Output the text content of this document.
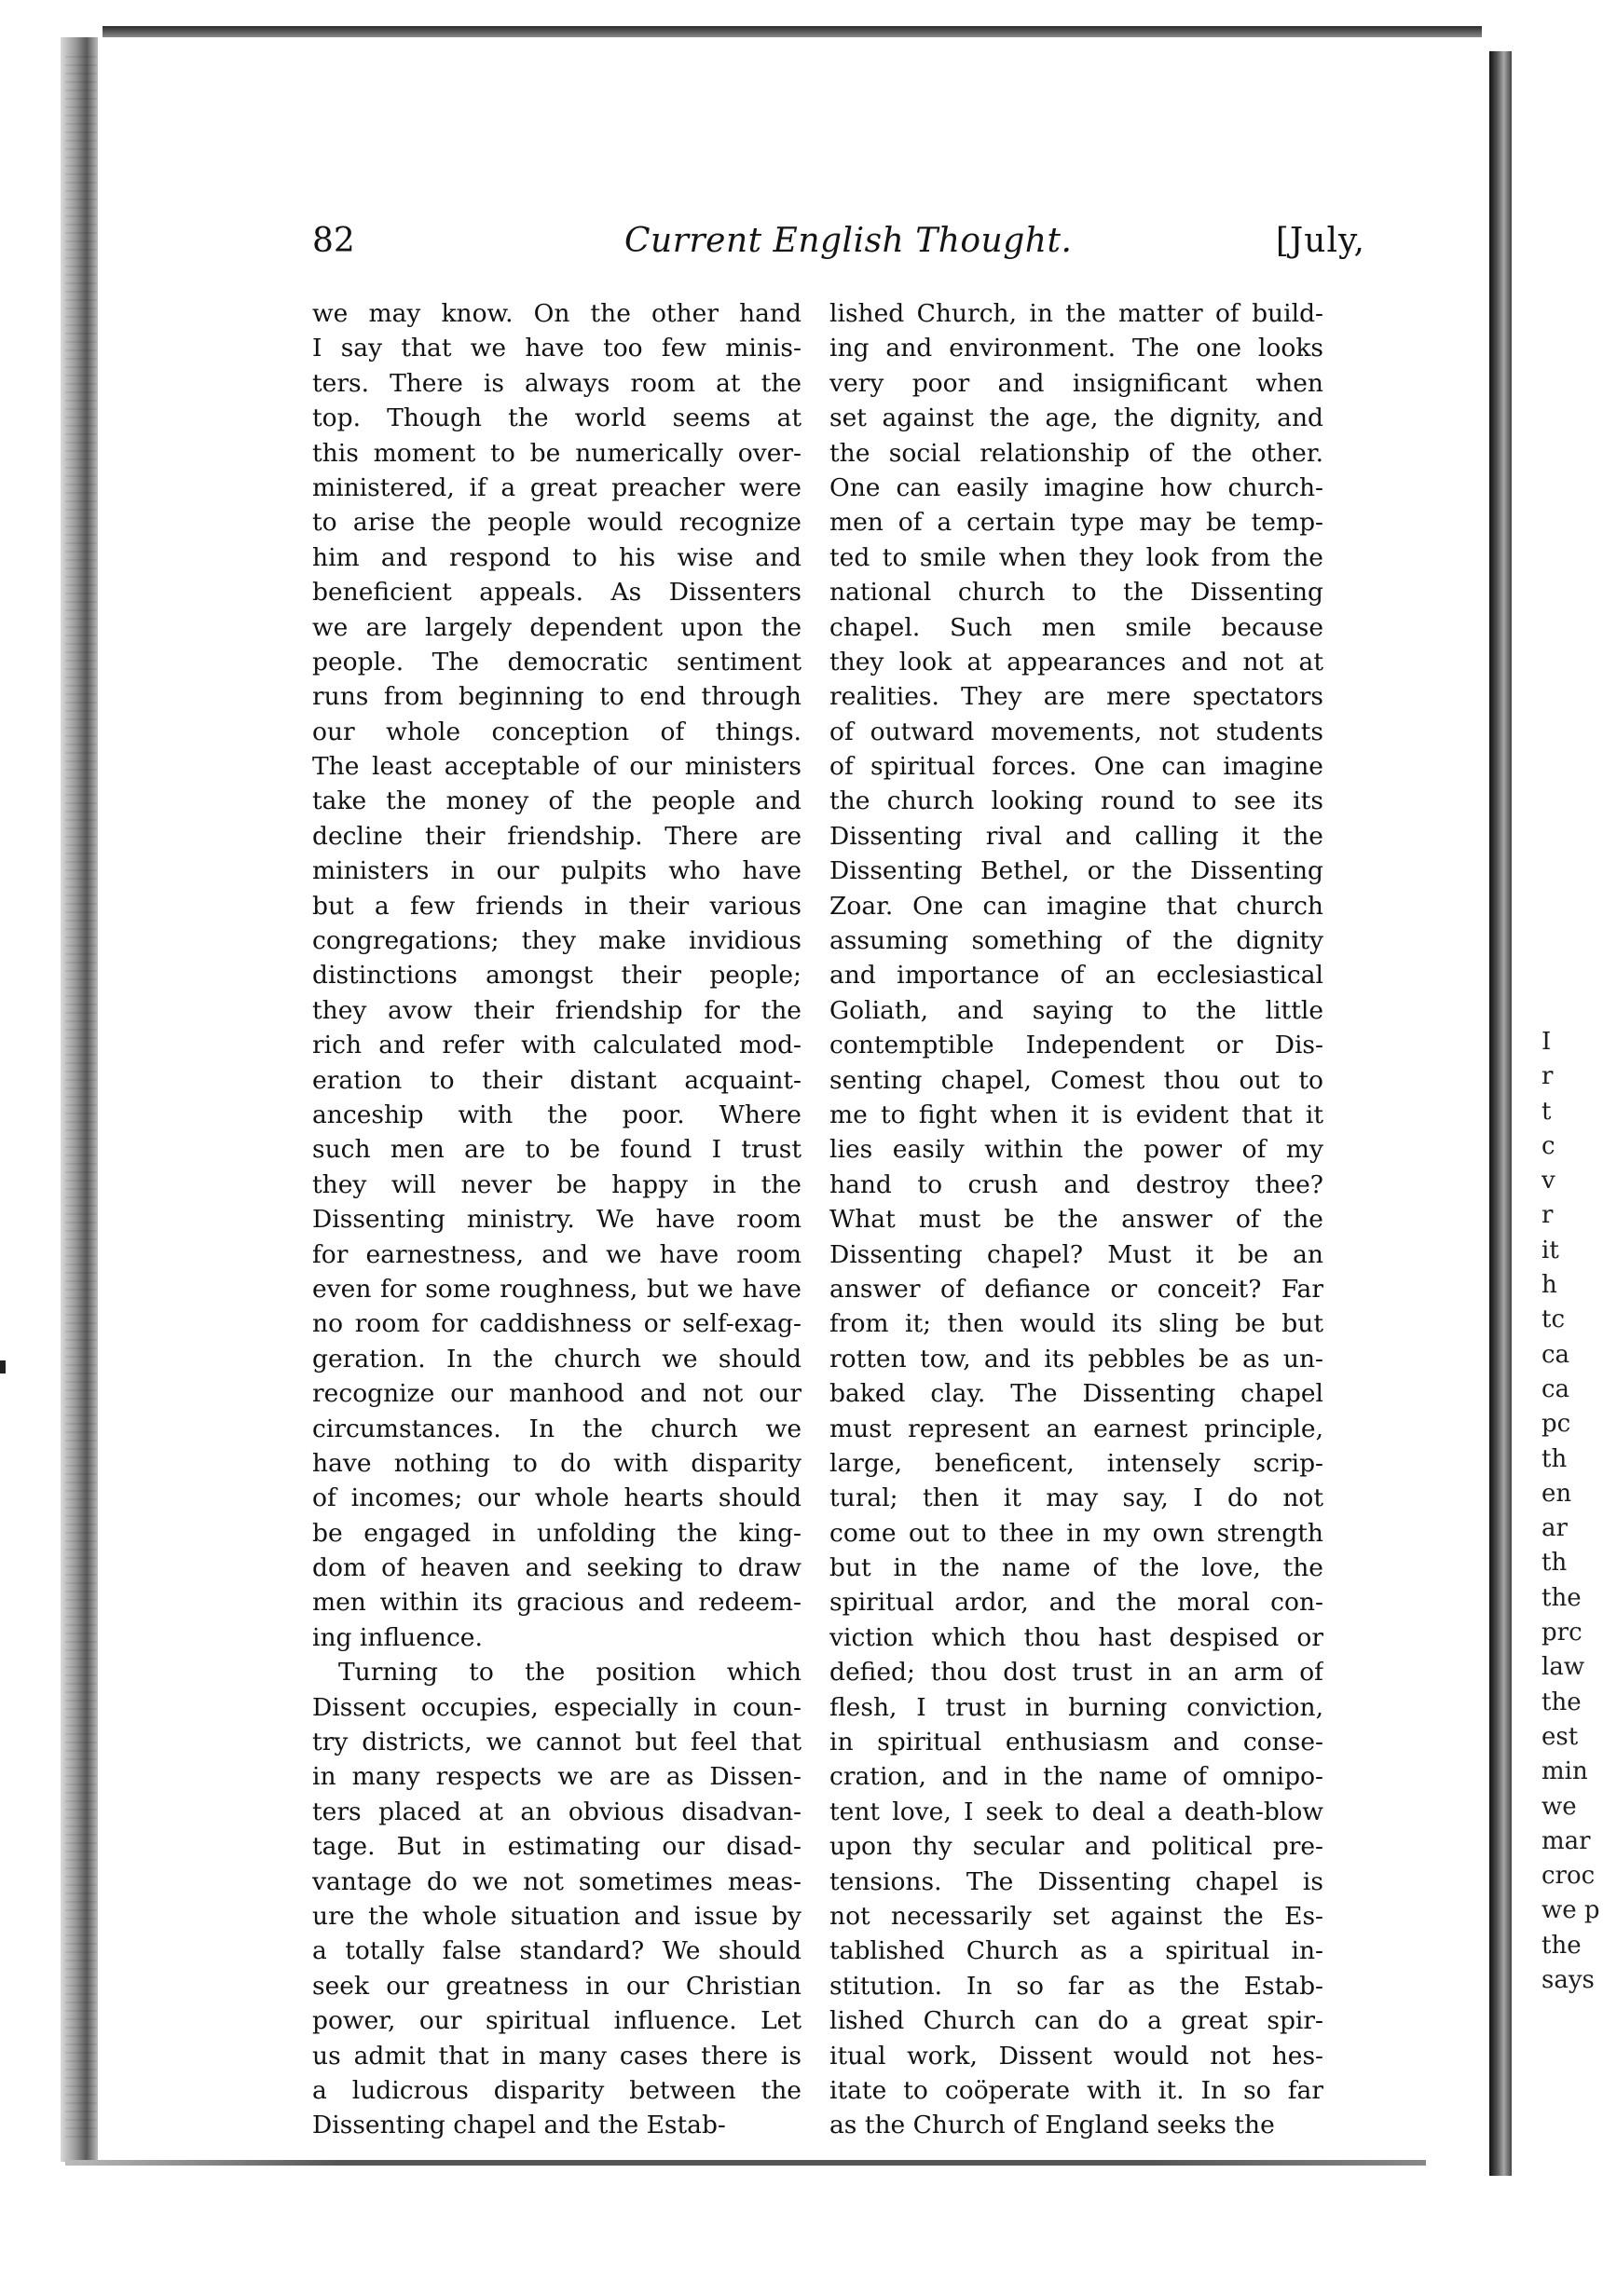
I
r
t
c
v
r
it
h
tc
ca
ca
pc
th
en
ar
th
the
prc
law
the
est
min
we
mar
croc
we p
the
says
82	Current English Thought.	[July,
we may know. On the other hand
I say that we have too few minis-
ters. There is always room at the
top. Though the world seems at
this moment to be numerically over-
ministered, if a great preacher were
to arise the people would recognize
him and respond to his wise and
beneficient appeals. As Dissenters
we are largely dependent upon the
people. The democratic sentiment
runs from beginning to end through
our whole conception of things.
The least acceptable of our ministers
take the money of the people and
decline their friendship. There are
ministers in our pulpits who have
but a few friends in their various
congregations; they make invidious
distinctions amongst their people;
they avow their friendship for the
rich and refer with calculated mod-
eration to their distant acquaint-
anceship with the poor. Where
such men are to be found I trust
they will never be happy in the
Dissenting ministry. We have room
for earnestness, and we have room
even for some roughness, but we have
no room for caddishness or self-exag-
geration. In the church we should
recognize our manhood and not our
circumstances. In the church we
have nothing to do with disparity
of incomes; our whole hearts should
be engaged in unfolding the king-
dom of heaven and seeking to draw
men within its gracious and redeem-
ing influence.
Turning to the position which
Dissent occupies, especially in coun-
try districts, we cannot but feel that
in many respects we are as Dissen-
ters placed at an obvious disadvan-
tage. But in estimating our disad-
vantage do we not sometimes meas-
ure the whole situation and issue by
a totally false standard? We should
seek our greatness in our Christian
power, our spiritual influence. Let
us admit that in many cases there is
a ludicrous disparity between the
Dissenting chapel and the Estab-
lished Church, in the matter of build-
ing and environment. The one looks
very poor and insignificant when
set against the age, the dignity, and
the social relationship of the other.
One can easily imagine how church-
men of a certain type may be temp-
ted to smile when they look from the
national church to the Dissenting
chapel. Such men smile because
they look at appearances and not at
realities. They are mere spectators
of outward movements, not students
of spiritual forces. One can imagine
the church looking round to see its
Dissenting rival and calling it the
Dissenting Bethel, or the Dissenting
Zoar. One can imagine that church
assuming something of the dignity
and importance of an ecclesiastical
Goliath, and saying to the little
contemptible Independent or Dis-
senting chapel, Comest thou out to
me to fight when it is evident that it
lies easily within the power of my
hand to crush and destroy thee?
What must be the answer of the
Dissenting chapel? Must it be an
answer of defiance or conceit? Far
from it; then would its sling be but
rotten tow, and its pebbles be as un-
baked clay. The Dissenting chapel
must represent an earnest principle,
large, beneficent, intensely scrip-
tural; then it may say, I do not
come out to thee in my own strength
but in the name of the love, the
spiritual ardor, and the moral con-
viction which thou hast despised or
defied; thou dost trust in an arm of
flesh, I trust in burning conviction,
in spiritual enthusiasm and conse-
cration, and in the name of omnipo-
tent love, I seek to deal a death-blow
upon thy secular and political pre-
tensions. The Dissenting chapel is
not necessarily set against the Es-
tablished Church as a spiritual in-
stitution. In so far as the Estab-
lished Church can do a great spir-
itual work, Dissent would not hes-
itate to coöperate with it. In so far
as the Church of England seeks the
